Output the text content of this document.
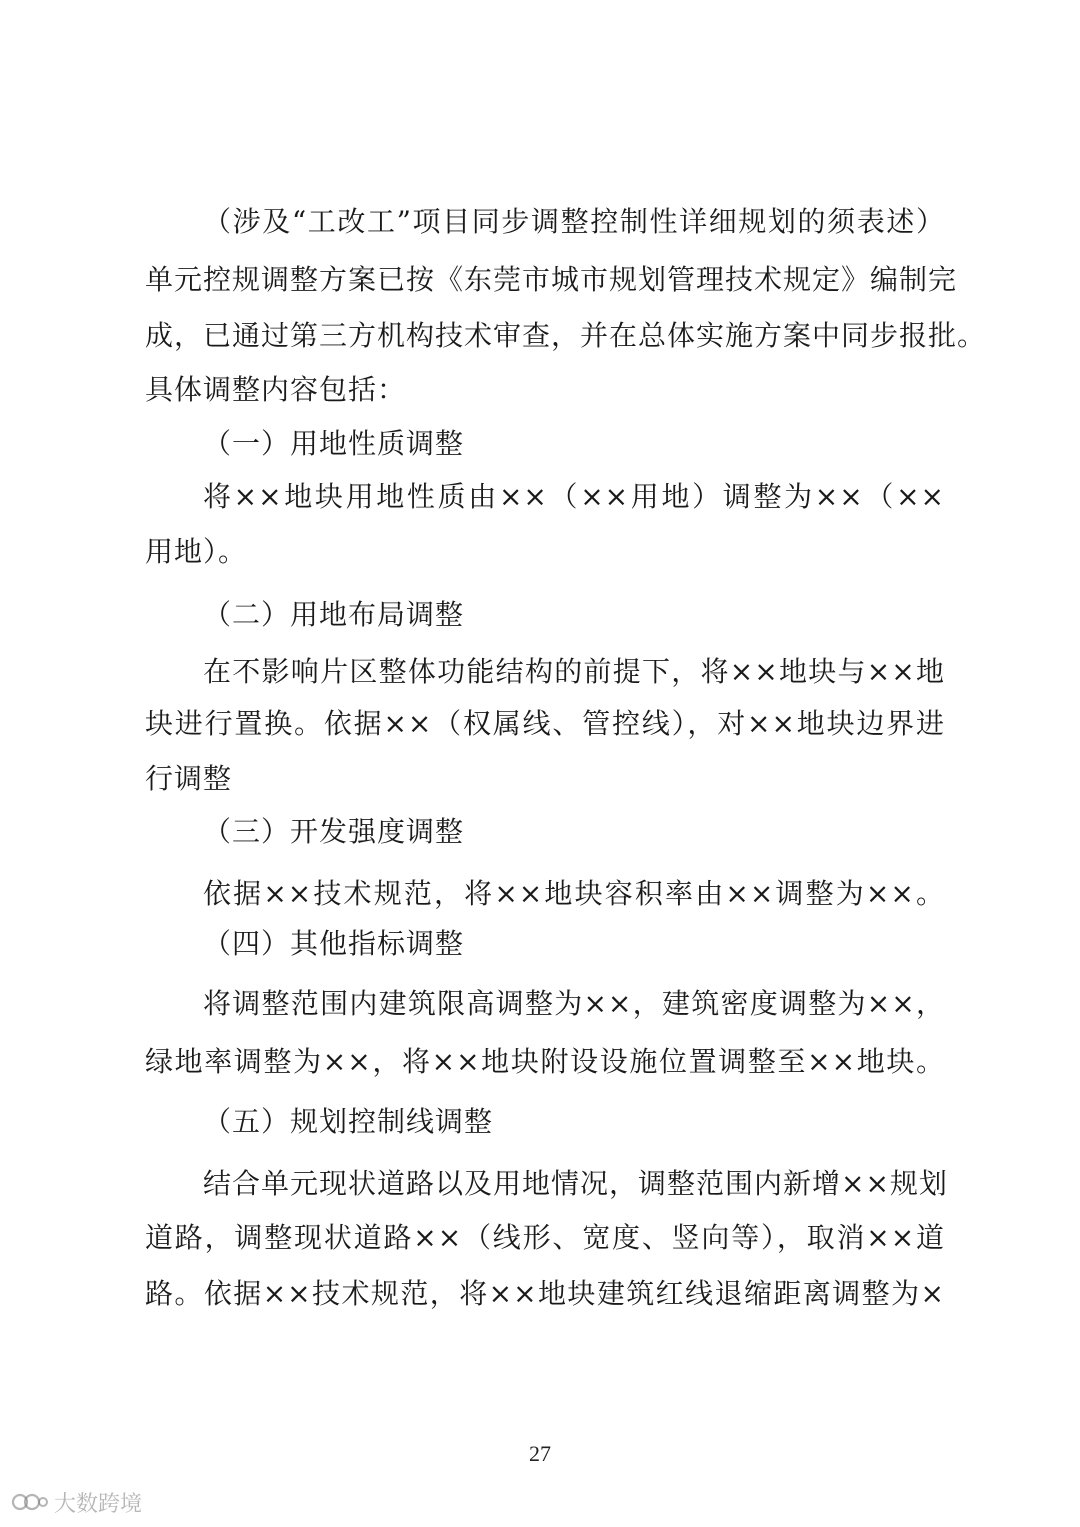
（涉及“工改工”项目同步调整控制性详细规划的须表述）
单元控规调整方案已按《东莞市城市规划管理技术规定》编制完
成，已通过第三方机构技术审查，并在总体实施方案中同步报批。
具体调整内容包括：
（一）用地性质调整
将××地块用地性质由××（××用地）调整为××（××
用地）。
（二）用地布局调整
在不影响片区整体功能结构的前提下，将××地块与××地
块进行置换。依据××（权属线、管控线），对××地块边界进
行调整
（三）开发强度调整
依据××技术规范，将××地块容积率由××调整为××。
（四）其他指标调整
将调整范围内建筑限高调整为××，建筑密度调整为××，
绿地率调整为××，将××地块附设设施位置调整至××地块。
（五）规划控制线调整
结合单元现状道路以及用地情况，调整范围内新增××规划
道路，调整现状道路××（线形、宽度、竖向等），取消××道
路。依据××技术规范，将××地块建筑红线退缩距离调整为×
27
大数跨境
